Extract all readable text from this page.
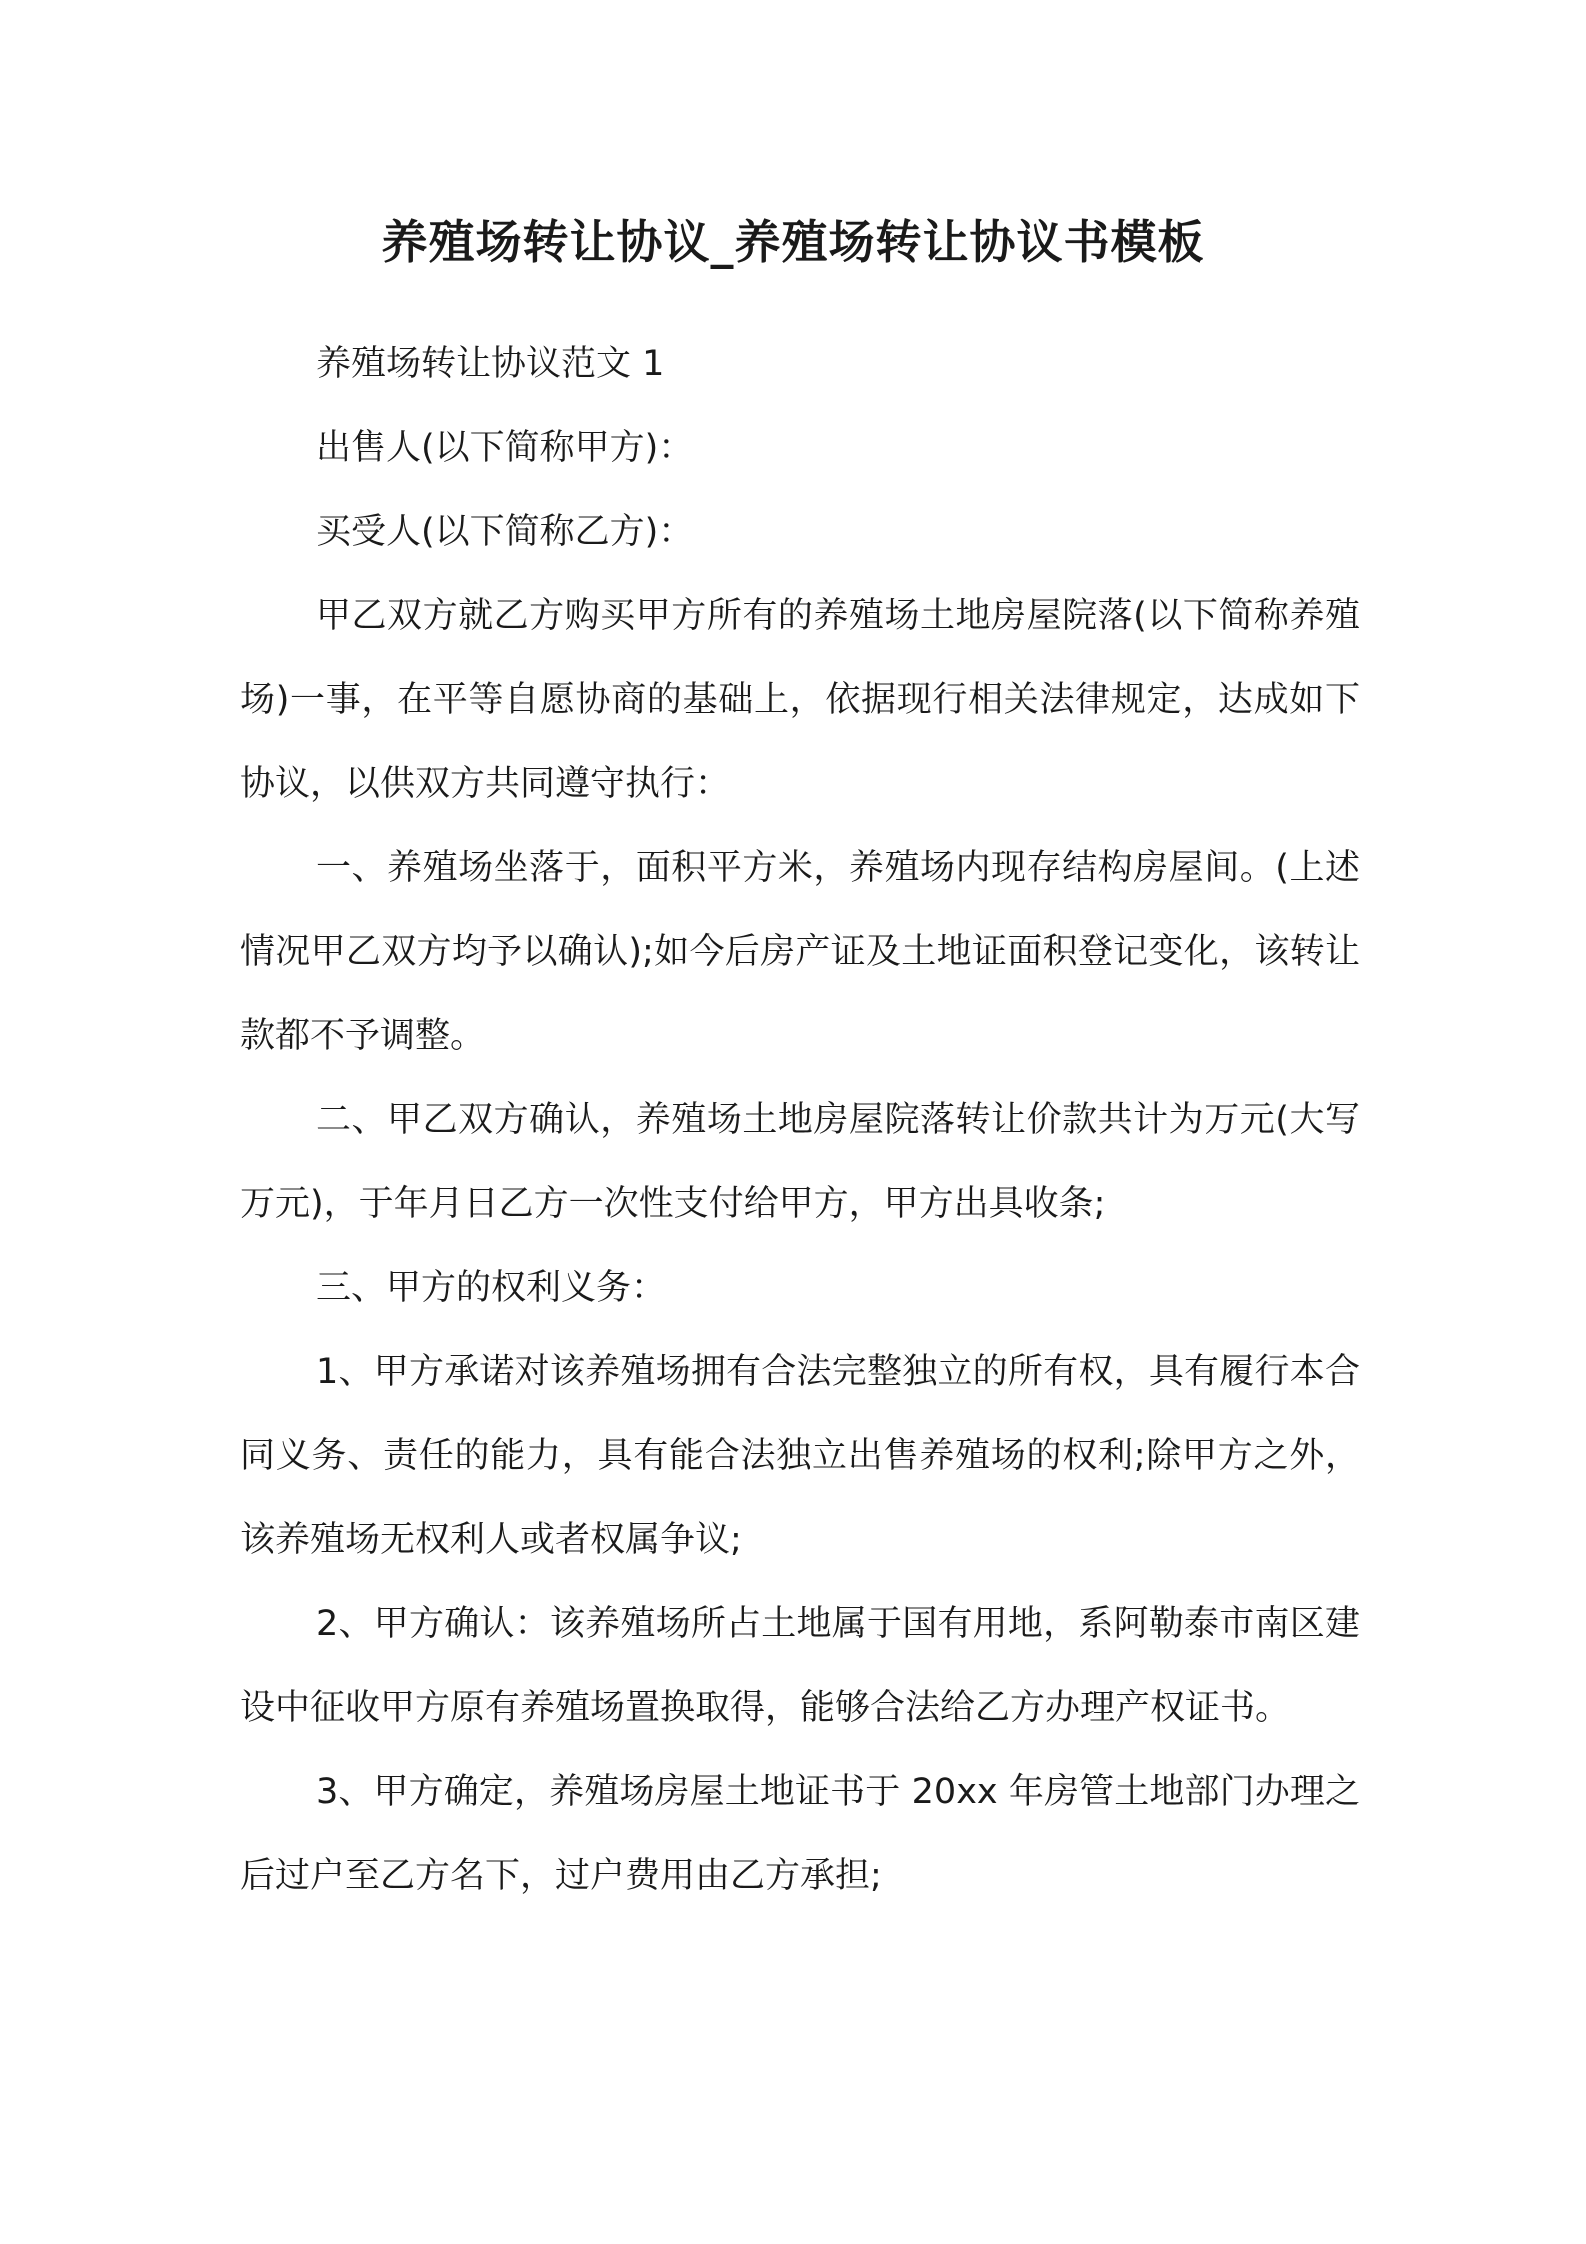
养殖场转让协议_养殖场转让协议书模板

养殖场转让协议范文 1

出售人(以下简称甲方)：

买受人(以下简称乙方)：

甲乙双方就乙方购买甲方所有的养殖场土地房屋院落(以下简称养殖场)一事，在平等自愿协商的基础上，依据现行相关法律规定，达成如下协议，以供双方共同遵守执行：

一、养殖场坐落于，面积平方米，养殖场内现存结构房屋间。(上述情况甲乙双方均予以确认);如今后房产证及土地证面积登记变化，该转让款都不予调整。

二、甲乙双方确认，养殖场土地房屋院落转让价款共计为万元(大写万元)，于年月日乙方一次性支付给甲方，甲方出具收条;

三、甲方的权利义务：

1、甲方承诺对该养殖场拥有合法完整独立的所有权，具有履行本合同义务、责任的能力，具有能合法独立出售养殖场的权利;除甲方之外，该养殖场无权利人或者权属争议;

2、甲方确认：该养殖场所占土地属于国有用地，系阿勒泰市南区建设中征收甲方原有养殖场置换取得，能够合法给乙方办理产权证书。

3、甲方确定，养殖场房屋土地证书于 20xx 年房管土地部门办理之后过户至乙方名下，过户费用由乙方承担;
